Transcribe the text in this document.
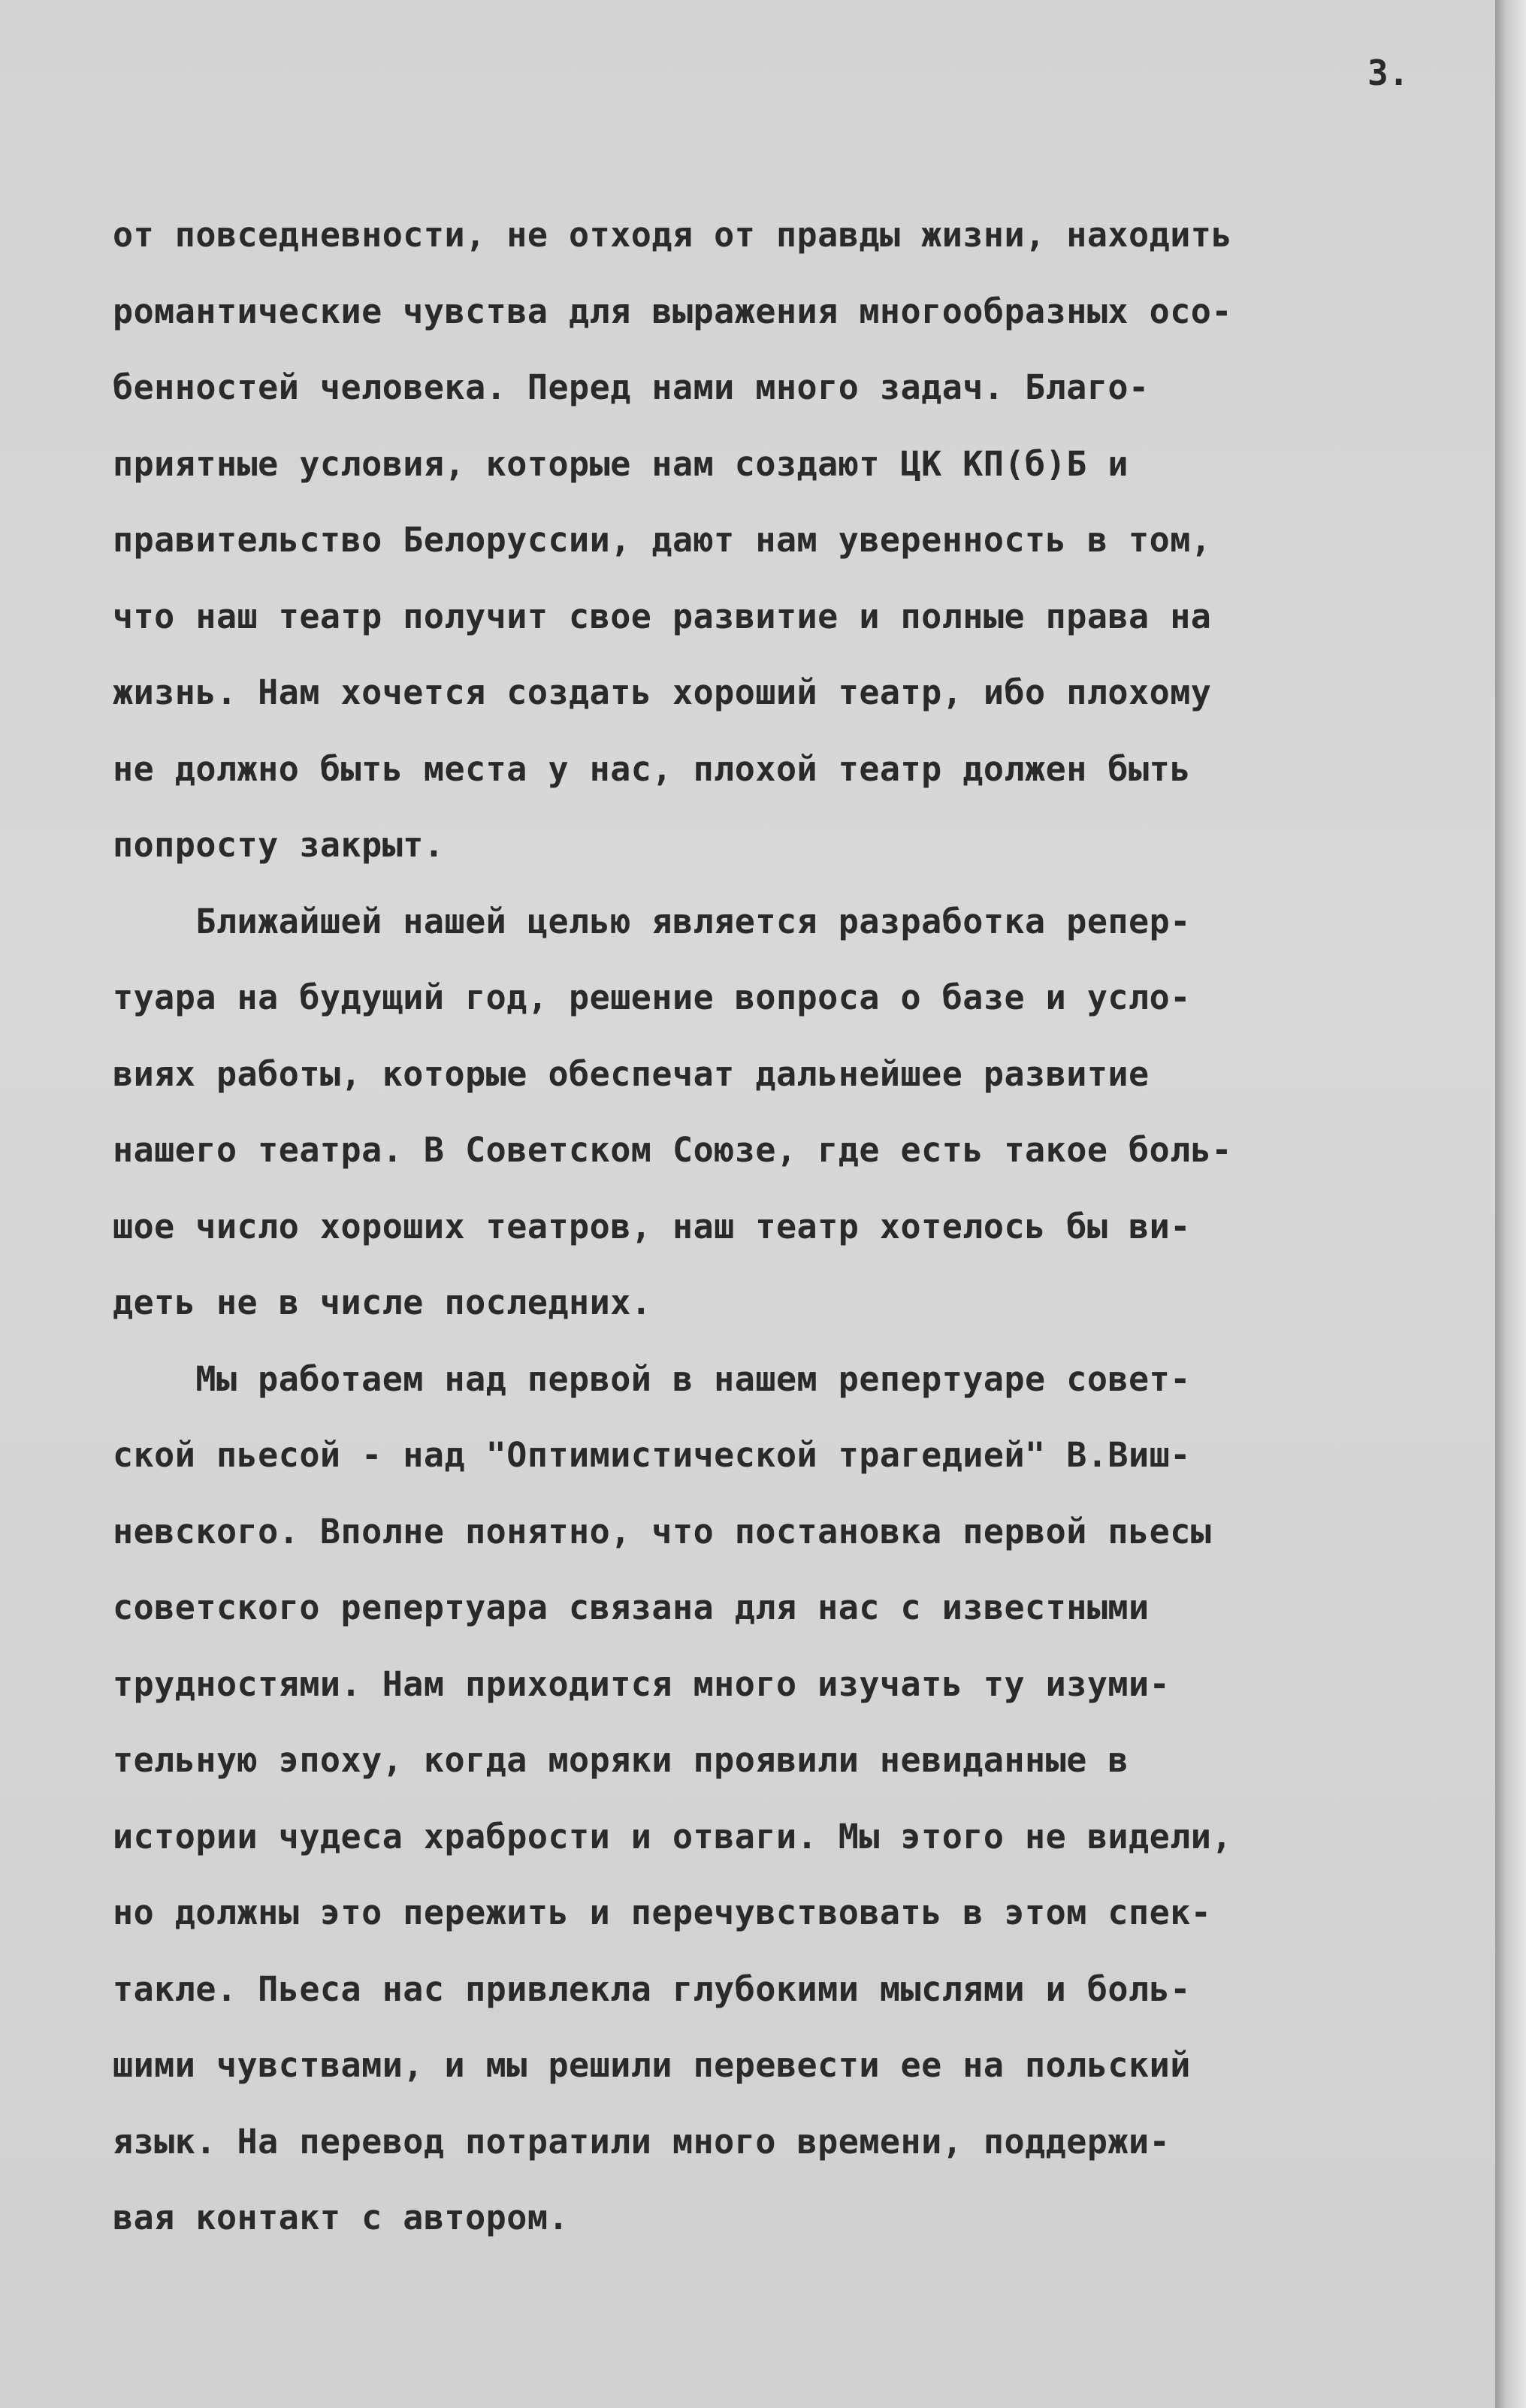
3.
от повседневности, не отходя от правды жизни, находить
романтические чувства для выражения многообразных осо-
бенностей человека. Перед нами много задач. Благо-
приятные условия, которые нам создают ЦК КП(б)Б и
правительство Белоруссии, дают нам уверенность в том,
что наш театр получит свое развитие и полные права на
жизнь. Нам хочется создать хороший театр, ибо плохому
не должно быть места у нас, плохой театр должен быть
попросту закрыт.
Ближайшей нашей целью является разработка репер-
туара на будущий год, решение вопроса о базе и усло-
виях работы, которые обеспечат дальнейшее развитие
нашего театра. В Советском Союзе, где есть такое боль-
шое число хороших театров, наш театр хотелось бы ви-
деть не в числе последних.
Мы работаем над первой в нашем репертуаре совет-
ской пьесой - над "Оптимистической трагедией" В.Виш-
невского. Вполне понятно, что постановка первой пьесы
советского репертуара связана для нас с известными
трудностями. Нам приходится много изучать ту изуми-
тельную эпоху, когда моряки проявили невиданные в
истории чудеса храбрости и отваги. Мы этого не видели,
но должны это пережить и перечувствовать в этом спек-
такле. Пьеса нас привлекла глубокими мыслями и боль-
шими чувствами, и мы решили перевести ее на польский
язык. На перевод потратили много времени, поддержи-
вая контакт с автором.
